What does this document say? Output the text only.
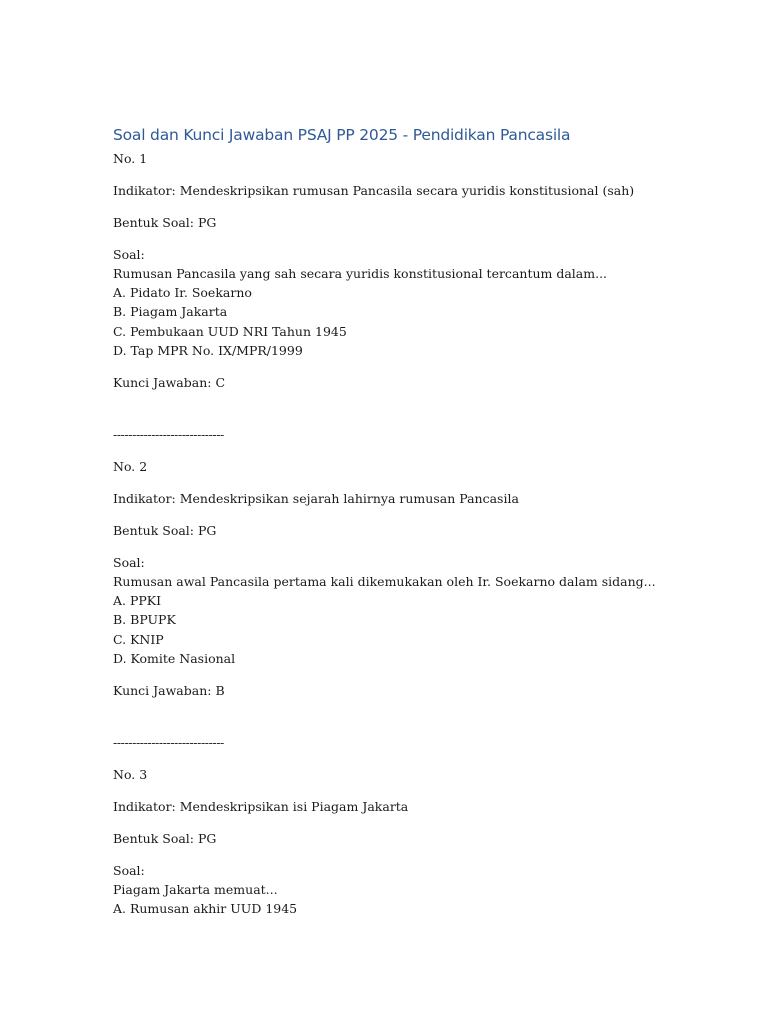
Soal dan Kunci Jawaban PSAJ PP 2025 - Pendidikan Pancasila

No. 1

Indikator: Mendeskripsikan rumusan Pancasila secara yuridis konstitusional (sah)

Bentuk Soal: PG

Soal:

Rumusan Pancasila yang sah secara yuridis konstitusional tercantum dalam...

A. Pidato Ir. Soekarno

B. Piagam Jakarta

C. Pembukaan UUD NRI Tahun 1945

D. Tap MPR No. IX/MPR/1999

Kunci Jawaban: C

-----------------------------

No. 2

Indikator: Mendeskripsikan sejarah lahirnya rumusan Pancasila

Bentuk Soal: PG

Soal:

Rumusan awal Pancasila pertama kali dikemukakan oleh Ir. Soekarno dalam sidang...

A. PPKI

B. BPUPK

C. KNIP

D. Komite Nasional

Kunci Jawaban: B

-----------------------------

No. 3

Indikator: Mendeskripsikan isi Piagam Jakarta

Bentuk Soal: PG

Soal:

Piagam Jakarta memuat...

A. Rumusan akhir UUD 1945
